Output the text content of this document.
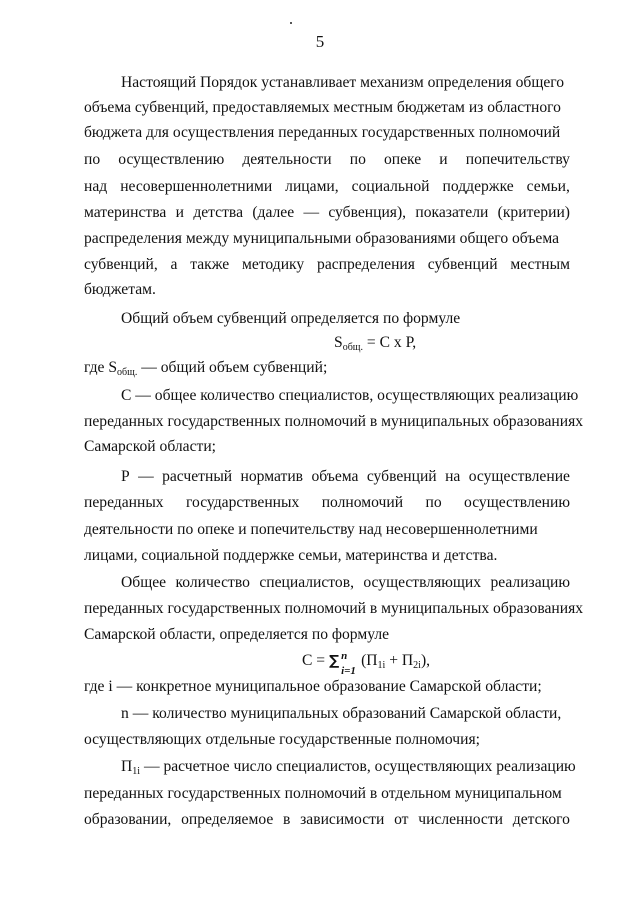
5
Настоящий Порядок устанавливает механизм определения общего
объема субвенций, предоставляемых местным бюджетам из областного
бюджета для осуществления переданных государственных полномочий
по осуществлению деятельности по опеке и попечительству
над несовершеннолетними лицами, социальной поддержке семьи,
материнства и детства (далее — субвенция), показатели (критерии)
распределения между муниципальными образованиями общего объема
субвенций, а также методику распределения субвенций местным
бюджетам.
Общий объем субвенций определяется по формуле
$S_{общ.} = С$ х Р,
где $S_{общ.}$ — общий объем субвенций;
С — общее количество специалистов, осуществляющих реализацию
переданных государственных полномочий в муниципальных образованиях
Самарской области;
Р — расчетный норматив объема субвенций на осуществление
переданных государственных полномочий по осуществлению
деятельности по опеке и попечительству над несовершеннолетними
лицами, социальной поддержке семьи, материнства и детства.
Общее количество специалистов, осуществляющих реализацию
переданных государственных полномочий в муниципальных образованиях
Самарской области, определяется по формуле
С = ∑ n
i=1
$(П_{1i} + П_{2i})$,
где i — конкретное муниципальное образование Самарской области;
n — количество муниципальных образований Самарской области,
осуществляющих отдельные государственные полномочия;
$П_{1i}$ — расчетное число специалистов, осуществляющих реализацию
переданных государственных полномочий в отдельном муниципальном
образовании, определяемое в зависимости от численности детского
